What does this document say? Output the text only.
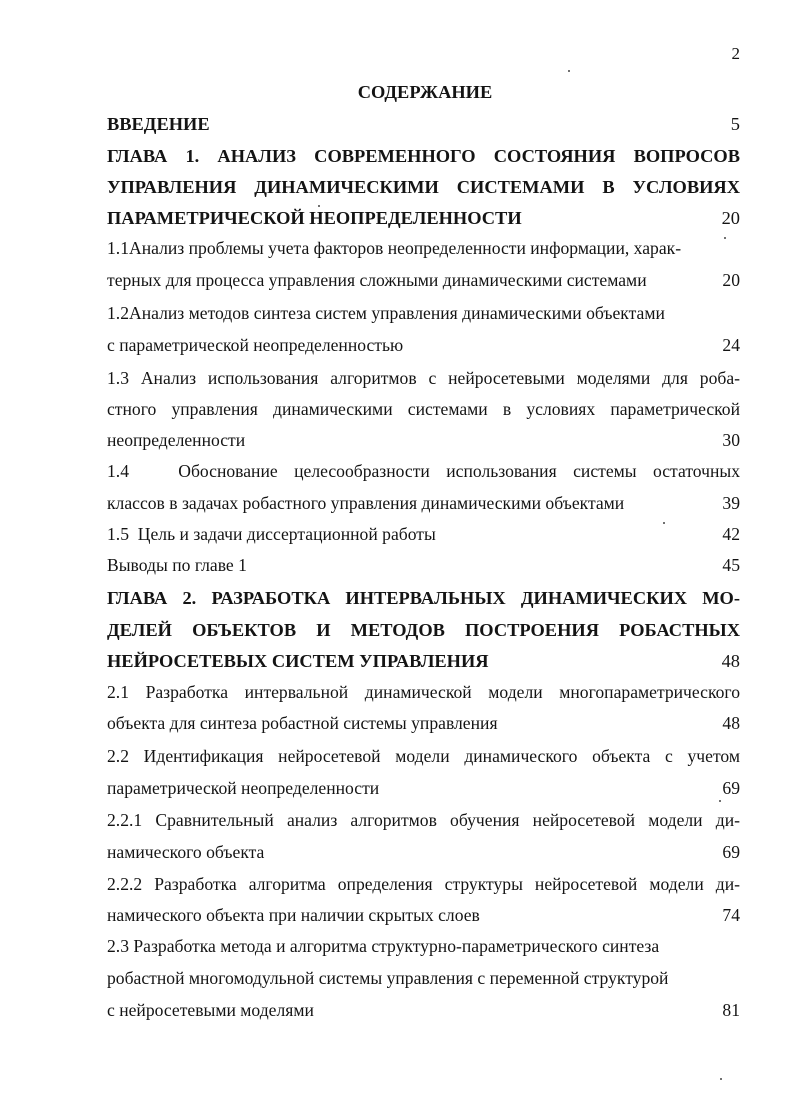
2
СОДЕРЖАНИЕ
ВВЕДЕНИЕ	5
ГЛАВА 1. АНАЛИЗ СОВРЕМЕННОГО СОСТОЯНИЯ ВОПРОСОВ
УПРАВЛЕНИЯ ДИНАМИЧЕСКИМИ СИСТЕМАМИ В УСЛОВИЯХ
ПАРАМЕТРИЧЕСКОЙ НЕОПРЕДЕЛЕННОСТИ	20
1.1Анализ проблемы учета факторов неопределенности информации, харак-
терных для процесса управления сложными динамическими системами	20
1.2Анализ методов синтеза систем управления динамическими объектами
с параметрической неопределенностью	24
1.3 Анализ использования алгоритмов с нейросетевыми моделями для роба-
стного управления динамическими системами в условиях параметрической
неопределенности	30
1.4   Обоснование целесообразности использования системы остаточных
классов в задачах робастного управления динамическими объектами	39
1.5  Цель и задачи диссертационной работы	42
Выводы по главе 1	45
ГЛАВА 2. РАЗРАБОТКА ИНТЕРВАЛЬНЫХ ДИНАМИЧЕСКИХ МО-
ДЕЛЕЙ ОБЪЕКТОВ И МЕТОДОВ ПОСТРОЕНИЯ РОБАСТНЫХ
НЕЙРОСЕТЕВЫХ СИСТЕМ УПРАВЛЕНИЯ	48
2.1 Разработка интервальной динамической модели многопараметрического
объекта для синтеза робастной системы управления	48
2.2 Идентификация нейросетевой модели динамического объекта с учетом
параметрической неопределенности	69
2.2.1 Сравнительный анализ алгоритмов обучения нейросетевой модели ди-
намического объекта	69
2.2.2 Разработка алгоритма определения структуры нейросетевой модели ди-
намического объекта при наличии скрытых слоев	74
2.3 Разработка метода и алгоритма структурно-параметрического синтеза
робастной многомодульной системы управления с переменной структурой
с нейросетевыми моделями	81
